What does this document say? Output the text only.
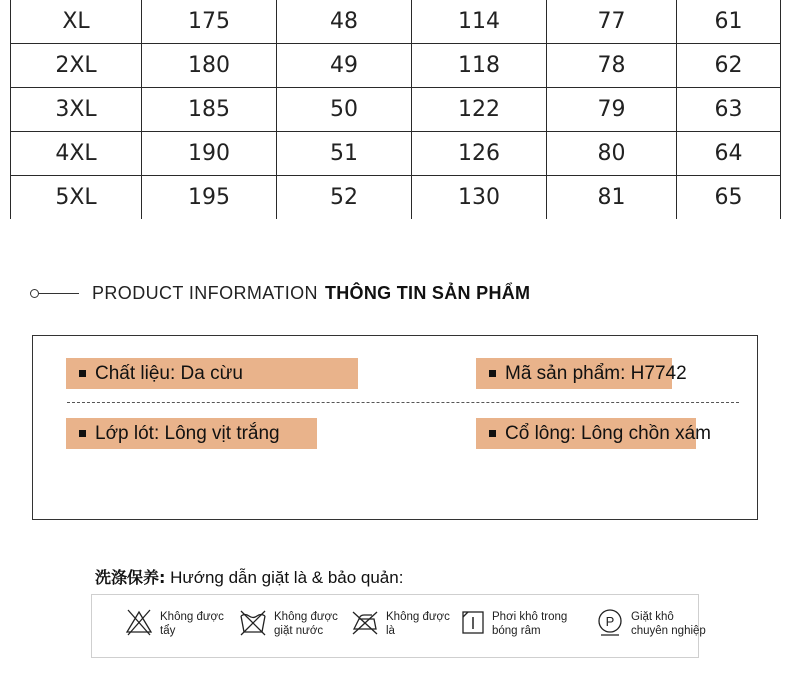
XL	175	48	114	77	61
2XL	180	49	118	78	62
3XL	185	50	122	79	63
4XL	190	51	126	80	64
5XL	195	52	130	81	65
PRODUCT INFORMATION THÔNG TIN SẢN PHẨM
Chất liệu: Da cừu	Mã sản phẩm: H7742
Lớp lót: Lông vịt trắng	Cổ lông: Lông chồn xám
洗涤保养: Hướng dẫn giặt là & bảo quản:
Không được
tẩy
Không được
giặt nước
Không được
là
Phơi khô trong
bóng râm
P Giặt khô
chuyên nghiệp
